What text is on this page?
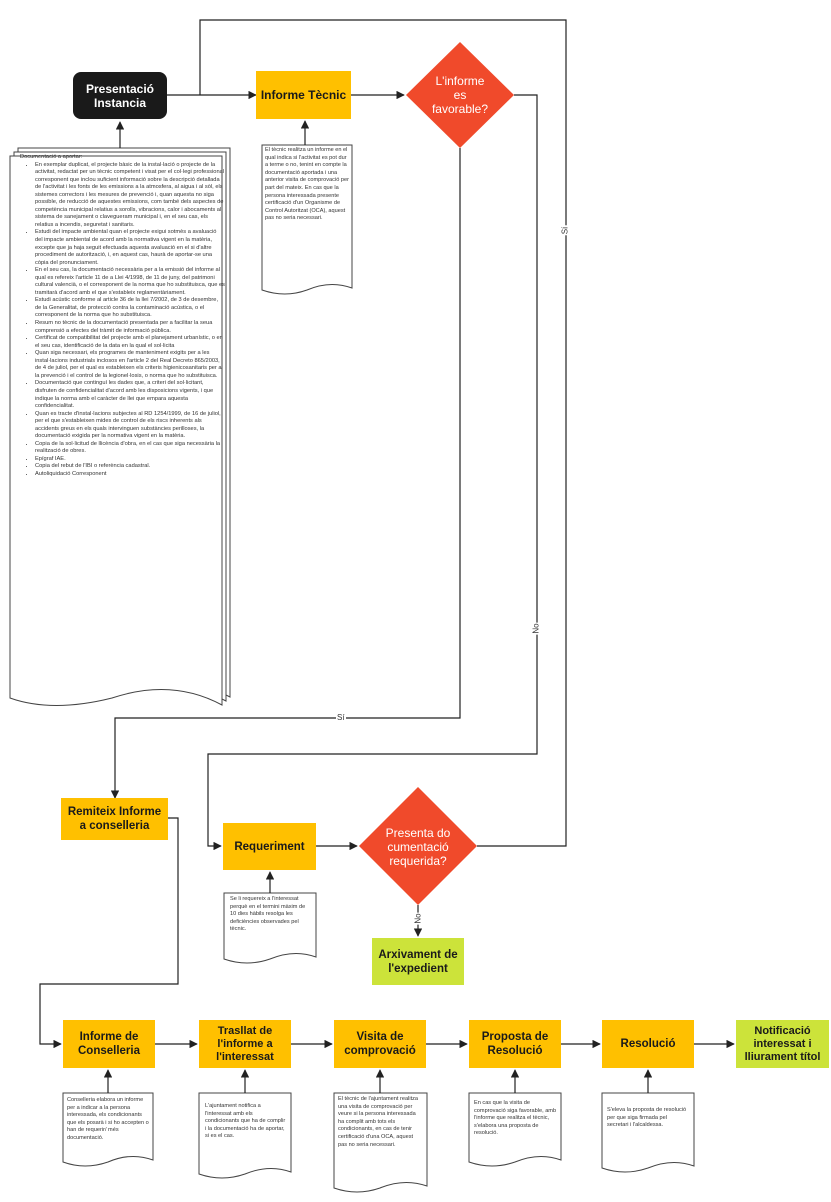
Presentació Instancia
Informe Tècnic
L'informe es favorable?
Remiteix Informe a conselleria
Requeriment
Presenta documentació requerida?
Arxivament de l'expedient
Informe de Conselleria
Trasllat de l'informe a l'interessat
Visita de comprovació
Proposta de Resolució
Resolució
Notificació interessat i lliurament títol
Sí
No
Sí
No

El tècnic realitza un informe en el qual indica si l'activitat es pot dur a terme o no, tenint en compte la documentació aportada i una anterior visita de comprovació per part del mateix. En cas que la persona interessada presente certificació d'un Organisme de Control Autoritzat (OCA), aquest pas no seria necessari.

Se li requereix a l'interessat perquè en el termini màxim de 10 dies hàbils resolga les deficiències observades pel tècnic.

Conselleria elabora un informe per a indicar a la persona interessada, els condicionants que els posarà i si ho accepten o han de requerir/ més documentació.

L'ajuntament notifica a l'interessat amb els condicionants que ha de complir i la documentació ha de aportar, si es el cas.

El tècnic de l'ajuntament realitza una visita de comprovació per veure si la persona interessada ha complit amb tots els condicionants, en cas de tenir certificació d'una OCA, aquest pas no seria necessari.

En cas que la visita de comprovació siga favorable, amb l'informe que realitza el tècnic, s'elabora una proposta de resolució.

S'eleva la proposta de resolució per que siga firmada pel secretari i l'alcaldessa.

Documentació a aportar:
• En exemplar duplicat, el projecte bàsic de la instal·lació o projecte de la activitat, redactat per un tècnic competent i visat per el col·legi professional corresponent que inclou suficient informació sobre la descripció detallada de l'activitat i les fonts de les emissions a la atmosfera, al aigua i al sòl, els sistemes correctors i les mesures de prevenció i, quan aquesta no siga possible, de reducció de aquestes emissions, com també dels aspectes de competència municipal relatius a sorolls, vibracions, calor i abocaments al sistema de sanejament o clavegueram municipal i, en el seu cas, els relatius a incendis, seguretat i sanitaris.
• Estudi del impacte ambiental quan el projecte exigui sotmès a avaluació del impacte ambiental de acord amb la normativa vigent en la matèria, excepte que ja haja seguit efectuada aquesta avaluació en el si d'altre procediment de autorització, i, en aquest cas, haurà de aportar-se una còpia del pronunciament.
• En el seu cas, la documentació necessària per a la emissió del informe al qual es refereix l'article 11 de a Llei 4/1998, de 11 de juny, del patrimoni cultural valencià, o el corresponent de la norma que ho substituisca, que es tramitarà d'acord amb el que s'estableix reglamentàriament.
• Estudi acústic conforme al article 36 de la llei 7/2002, de 3 de desembre, de la Generalitat, de protecció contra la contaminació acústica, o el corresponent de la norma que ho substituisca.
• Resum no tècnic de la documentació presentada per a facilitar la seua comprensió a efectes del tràmit de informació pública.
• Certificat de compatibilitat del projecte amb el planejament urbanístic, o en el seu cas, identificació de la data en la qual el sol·licita
• Quan siga necessari, els programes de manteniment exigits per a les instal·lacions industrials inclosos en l'article 2 del Real Decreto 865/2003, de 4 de juliol, per el qual es estableixen els criteris higienicosanitaris per a la prevenció i el control de la legionel·losis, o norma que ho substituisca.
• Documentació que continguí les dades que, a criteri del sol·licitant, disfruten de confidencialitat d'acord amb les disposicions vigents, i que indique la norma amb el caràcter de llei que empara aquesta confidencialitat.
• Quan es tracte d'instal·lacions subjectes al RD 1254/1999, de 16 de juliol, per el que s'estableixen mides de control de els riscs inherents als accidents greus en els quals intervinguen substàncies perilloses, la documentació exigida per la normativa vigent en la matèria.
• Copia de la sol·licitud de llicència d'obra, en el cas que siga necessària la realització de obres.
• Epígraf IAE.
• Copia del rebut de l'IBI o referència cadastral.
• Autoliquidació Corresponent
